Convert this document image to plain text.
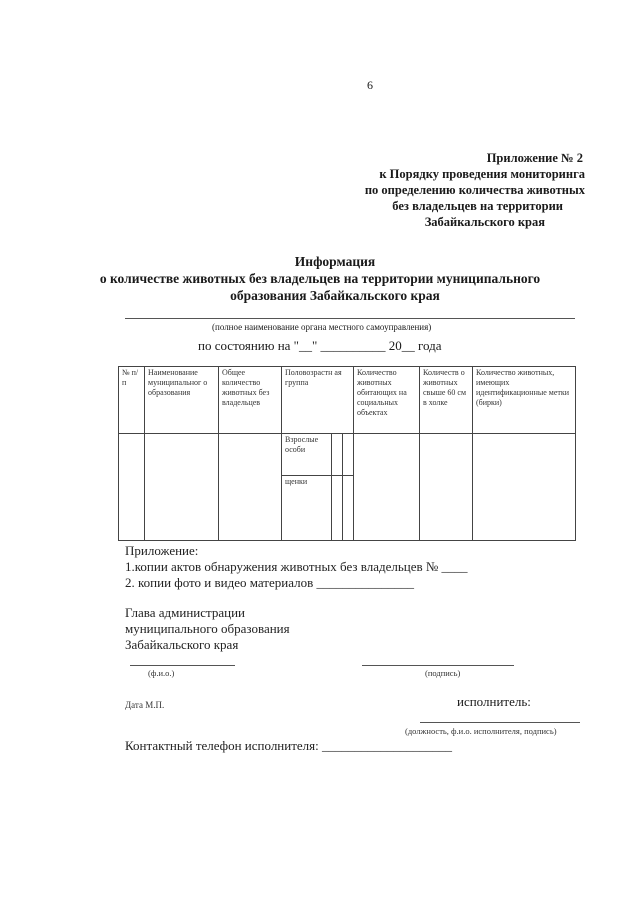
6
Приложение № 2
к Порядку проведения мониторинга
по определению количества животных
без владельцев на территории
Забайкальского края
Информация
о количестве животных без владельцев на территории муниципального
образования Забайкальского края
(полное наименование органа местного самоуправления)
по состоянию на "__" __________ 20__ года
№ п/п	Наименование муниципальног о образования	Общее количество животных без владельцев	Половозрастн ая группа			Количество животных обитающих на социальных объектах	Количеств о животных свыше 60 см в холке	Количество животных, имеющих идентификационные метки (бирки)
			Взрослые особи					
			щенки					
Приложение:
1.копии актов обнаружения животных без владельцев № ____
2. копии фото и видео материалов _______________
Глава администрации
муниципального образования
Забайкальского края
(ф.и.о.)	(подпись)
Дата М.П.	исполнитель:
(должность, ф.и.о. исполнителя, подпись)
Контактный телефон исполнителя: ____________________
